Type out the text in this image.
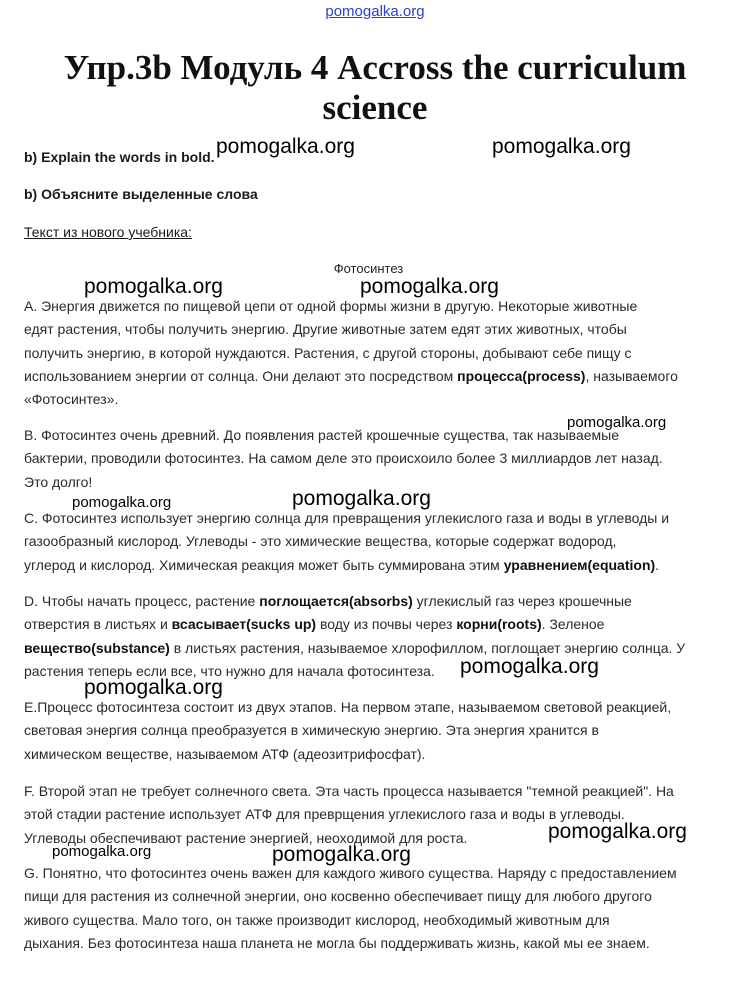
pomogalka.org
Упр.3b Модуль 4 Accross the curriculum
science
b) Explain the words in bold.
b) Объясните выделенные слова
Текст из нового учебника:
Фотосинтез
A. Энергия движется по пищевой цепи от одной формы жизни в другую. Некоторые животные
едят растения, чтобы получить энергию. Другие животные затем едят этих животных, чтобы
получить энергию, в которой нуждаются. Растения, с другой стороны, добывают себе пищу с
использованием энергии от солнца. Они делают это посредством процесса(process), называемого
«Фотосинтез».
B. Фотосинтез очень древний. До появления растей крошечные существа, так называемые
бактерии, проводили фотосинтез. На самом деле это происхоило более 3 миллиардов лет назад.
Это долго!
C. Фотосинтез использует энергию солнца для превращения углекислого газа и воды в углеводы и
газообразный кислород. Углеводы - это химические вещества, которые содержат водород,
углерод и кислород. Химическая реакция может быть суммирована этим уравнением(equation).
D. Чтобы начать процесс, растение поглощается(absorbs) углекислый газ через крошечные
отверстия в листьях и всасывает(sucks up) воду из почвы через корни(roots). Зеленое
вещество(substance) в листьях растения, называемое хлорофиллом, поглощает энергию солнца. У
растения теперь если все, что нужно для начала фотосинтеза.
E.Процесс фотосинтеза состоит из двух этапов. На первом этапе, называемом световой реакцией,
световая энергия солнца преобразуется в химическую энергию. Эта энергия хранится в
химическом веществе, называемом АТФ (адеозитрифосфат).
F. Второй этап не требует солнечного света. Эта часть процесса называется "темной реакцией". На
этой стадии растение использует АТФ для преврщения углекислого газа и воды в углеводы.
Углеводы обеспечивают растение энергией, неоходимой для роста.
G. Понятно, что фотосинтез очень важен для каждого живого существа. Наряду с предоставлением
пищи для растения из солнечной энергии, оно косвенно обеспечивает пищу для любого другого
живого существа. Мало того, он также производит кислород, необходимый животным для
дыхания. Без фотосинтеза наша планета не могла бы поддерживать жизнь, какой мы ее знаем.
pomogalka.org	pomogalka.org
pomogalka.org	pomogalka.org
pomogalka.org
pomogalka.org	pomogalka.org
pomogalka.org
pomogalka.org
pomogalka.org
pomogalka.org	pomogalka.org
